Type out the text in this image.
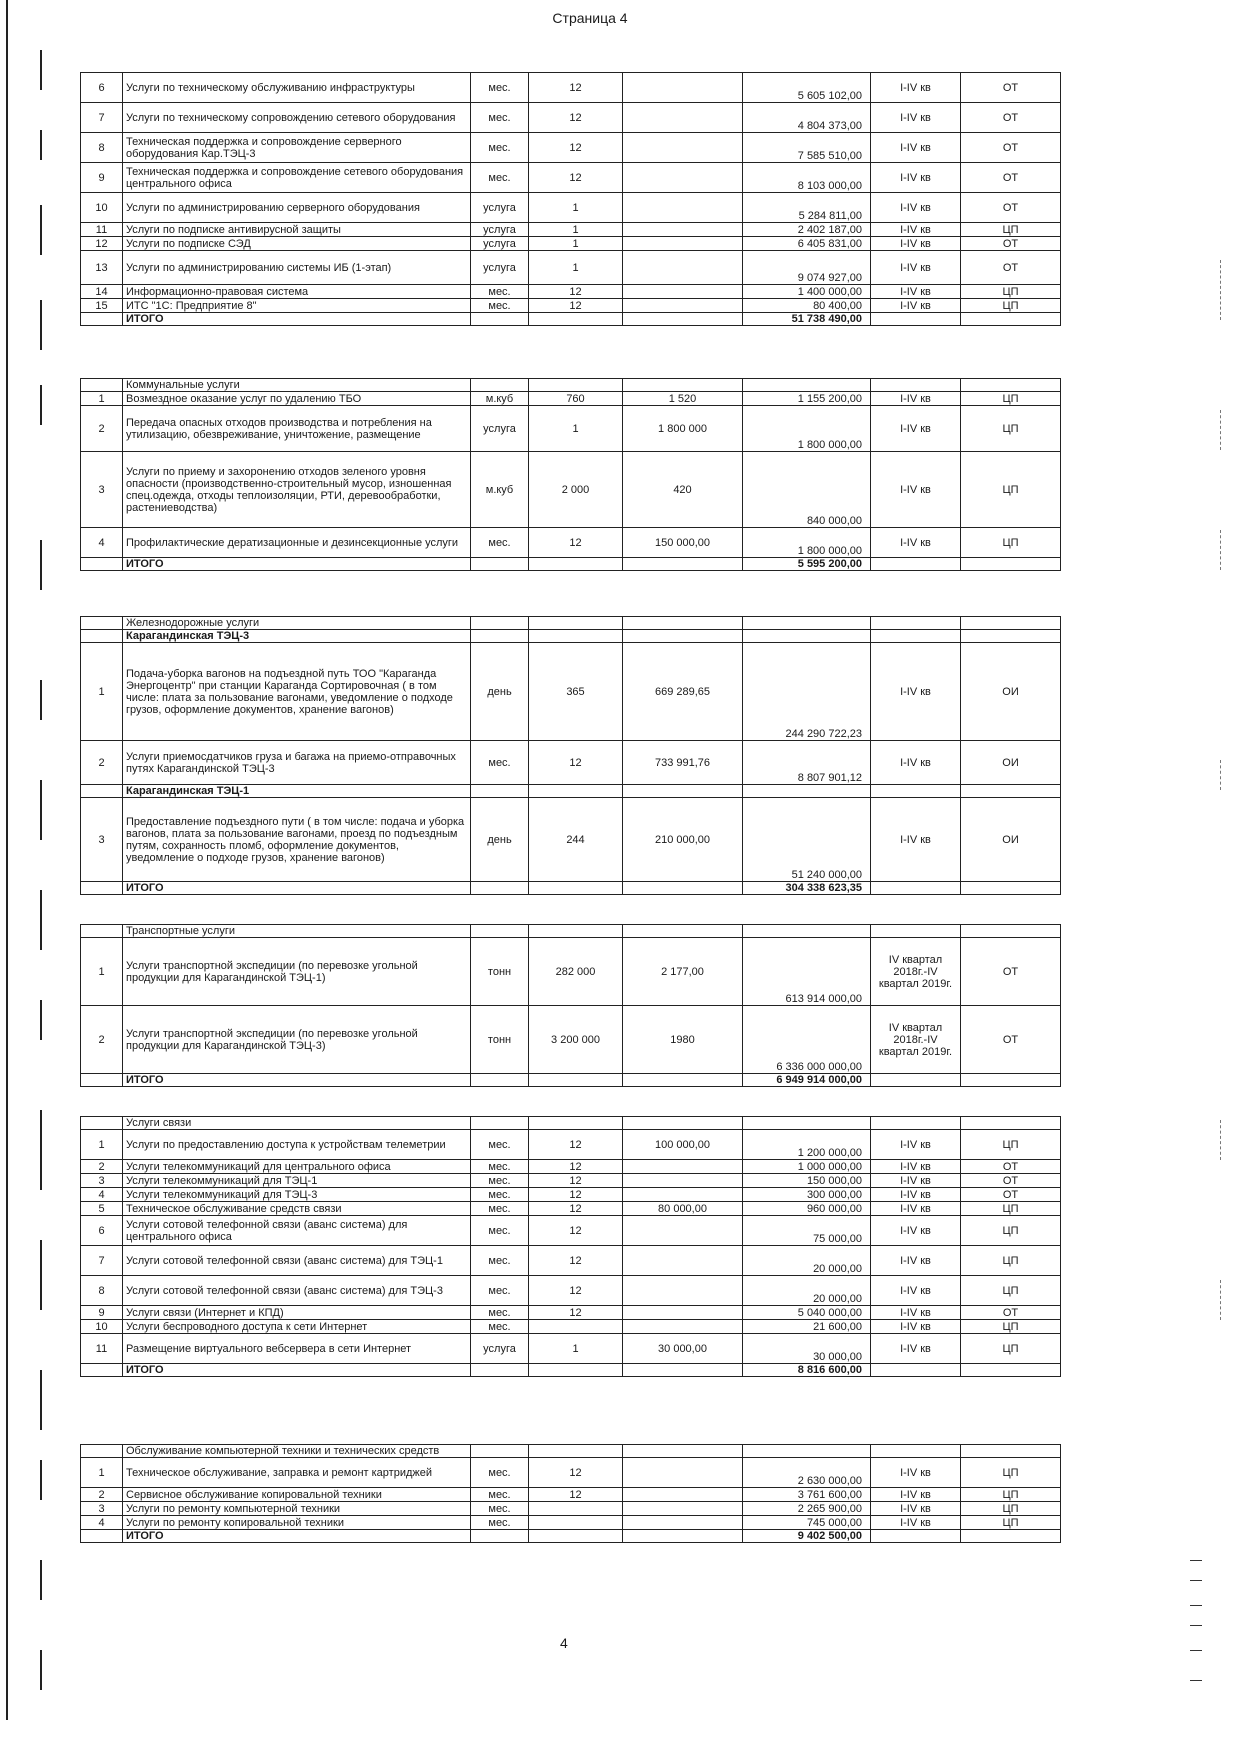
Страница 4
6	Услуги по техническому обслуживанию инфраструктуры	мес.	12		5 605 102,00	I-IV кв	ОТ
7	Услуги по техническому сопровождению сетевого оборудования	мес.	12		4 804 373,00	I-IV кв	ОТ
8	Техническая поддержка и сопровождение серверного оборудования Кар.ТЭЦ-3	мес.	12		7 585 510,00	I-IV кв	ОТ
9	Техническая поддержка и сопровождение сетевого оборудования центрального офиса	мес.	12		8 103 000,00	I-IV кв	ОТ
10	Услуги по администрированию серверного оборудования	услуга	1		5 284 811,00	I-IV кв	ОТ
11	Услуги по подписке антивирусной защиты	услуга	1		2 402 187,00	I-IV кв	ЦП
12	Услуги по подписке СЭД	услуга	1		6 405 831,00	I-IV кв	ОТ
13	Услуги по администрированию системы ИБ (1-этап)	услуга	1		9 074 927,00	I-IV кв	ОТ
14	Информационно-правовая система	мес.	12		1 400 000,00	I-IV кв	ЦП
15	ИТС "1С: Предприятие 8"	мес.	12		80 400,00	I-IV кв	ЦП
	ИТОГО				51 738 490,00		
	Коммунальные услуги						
1	Возмездное оказание услуг по удалению ТБО	м.куб	760	1 520	1 155 200,00	I-IV кв	ЦП
2	Передача опасных отходов производства и потребления на утилизацию, обезвреживание, уничтожение, размещение	услуга	1	1 800 000	1 800 000,00	I-IV кв	ЦП
3	Услуги по приему и захоронению отходов зеленого уровня опасности (производственно-строительный мусор, изношенная спец.одежда, отходы теплоизоляции, РТИ, деревообработки, растениеводства)	м.куб	2 000	420	840 000,00	I-IV кв	ЦП
4	Профилактические дератизационные и дезинсекционные услуги	мес.	12	150 000,00	1 800 000,00	I-IV кв	ЦП
	ИТОГО				5 595 200,00		
	Железнодорожные услуги						
	Карагандинская ТЭЦ-3						
1	Подача-уборка вагонов на подъездной путь ТОО "Караганда Энергоцентр" при станции Караганда Сортировочная ( в том числе: плата за пользование вагонами, уведомление о подходе грузов, оформление документов, хранение вагонов)	день	365	669 289,65	244 290 722,23	I-IV кв	ОИ
2	Услуги приемосдатчиков груза и багажа на приемо-отправочных путях Карагандинской ТЭЦ-3	мес.	12	733 991,76	8 807 901,12	I-IV кв	ОИ
	Карагандинская ТЭЦ-1						
3	Предоставление подъездного пути ( в том числе: подача и уборка вагонов, плата за пользование вагонами, проезд по подъездным путям, сохранность пломб, оформление документов, уведомление о подходе грузов, хранение вагонов)	день	244	210 000,00	51 240 000,00	I-IV кв	ОИ
	ИТОГО				304 338 623,35		
	Транспортные услуги						
1	Услуги транспортной экспедиции (по перевозке угольной продукции для Карагандинской ТЭЦ-1)	тонн	282 000	2 177,00	613 914 000,00	IV квартал 2018г.-IV квартал 2019г.	ОТ
2	Услуги транспортной экспедиции (по перевозке угольной продукции для Карагандинской ТЭЦ-3)	тонн	3 200 000	1980	6 336 000 000,00	IV квартал 2018г.-IV квартал 2019г.	ОТ
	ИТОГО				6 949 914 000,00		
	Услуги связи						
1	Услуги по предоставлению доступа к устройствам телеметрии	мес.	12	100 000,00	1 200 000,00	I-IV кв	ЦП
2	Услуги телекоммуникаций для центрального офиса	мес.	12		1 000 000,00	I-IV кв	ОТ
3	Услуги телекоммуникаций для ТЭЦ-1	мес.	12		150 000,00	I-IV кв	ОТ
4	Услуги телекоммуникаций для ТЭЦ-3	мес.	12		300 000,00	I-IV кв	ОТ
5	Техническое обслуживание средств связи	мес.	12	80 000,00	960 000,00	I-IV кв	ЦП
6	Услуги сотовой телефонной связи (аванс система) для центрального офиса	мес.	12		75 000,00	I-IV кв	ЦП
7	Услуги сотовой телефонной связи (аванс система) для ТЭЦ-1	мес.	12		20 000,00	I-IV кв	ЦП
8	Услуги сотовой телефонной связи (аванс система) для ТЭЦ-3	мес.	12		20 000,00	I-IV кв	ЦП
9	Услуги связи (Интернет и КПД)	мес.	12		5 040 000,00	I-IV кв	ОТ
10	Услуги беспроводного доступа к сети Интернет	мес.			21 600,00	I-IV кв	ЦП
11	Размещение виртуального вебсервера в сети Интернет	услуга	1	30 000,00	30 000,00	I-IV кв	ЦП
	ИТОГО				8 816 600,00		
	Обслуживание компьютерной техники и технических средств						
1	Техническое обслуживание, заправка и ремонт картриджей	мес.	12		2 630 000,00	I-IV кв	ЦП
2	Сервисное обслуживание копировальной техники	мес.	12		3 761 600,00	I-IV кв	ЦП
3	Услуги по ремонту компьютерной техники	мес.			2 265 900,00	I-IV кв	ЦП
4	Услуги по ремонту копировальной техники	мес.			745 000,00	I-IV кв	ЦП
	ИТОГО				9 402 500,00		
4
